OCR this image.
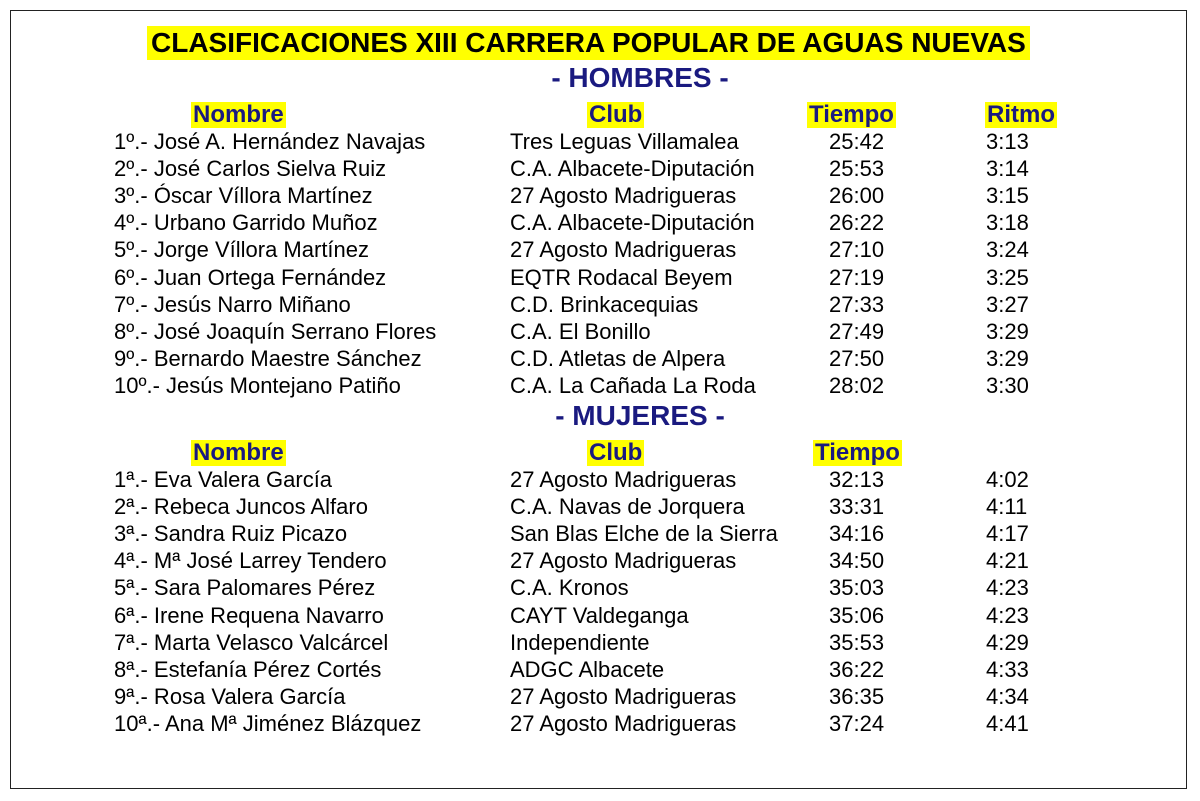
CLASIFICACIONES XIII CARRERA POPULAR DE AGUAS NUEVAS
- HOMBRES -
Nombre	Club	Tiempo	Ritmo
1º.- José A. Hernández Navajas	Tres Leguas Villamalea	25:42	3:13
2º.- José Carlos Sielva Ruiz	C.A. Albacete-Diputación	25:53	3:14
3º.- Óscar Víllora Martínez	27 Agosto Madrigueras	26:00	3:15
4º.- Urbano Garrido Muñoz	C.A. Albacete-Diputación	26:22	3:18
5º.- Jorge Víllora Martínez	27 Agosto Madrigueras	27:10	3:24
6º.- Juan Ortega Fernández	EQTR Rodacal Beyem	27:19	3:25
7º.- Jesús Narro Miñano	C.D. Brinkacequias	27:33	3:27
8º.- José Joaquín Serrano Flores	C.A. El Bonillo	27:49	3:29
9º.- Bernardo Maestre Sánchez	C.D. Atletas de Alpera	27:50	3:29
10º.- Jesús Montejano Patiño	C.A. La Cañada La Roda	28:02	3:30
- MUJERES -
Nombre	Club	Tiempo
1ª.- Eva Valera García	27 Agosto Madrigueras	32:13	4:02
2ª.- Rebeca Juncos Alfaro	C.A. Navas de Jorquera	33:31	4:11
3ª.- Sandra Ruiz Picazo	San Blas Elche de la Sierra 34:16	4:17
4ª.- Mª José Larrey Tendero	27 Agosto Madrigueras	34:50	4:21
5ª.- Sara Palomares Pérez	C.A. Kronos	35:03	4:23
6ª.- Irene Requena Navarro	CAYT Valdeganga	35:06	4:23
7ª.- Marta Velasco Valcárcel	Independiente	35:53	4:29
8ª.- Estefanía Pérez Cortés	ADGC Albacete	36:22	4:33
9ª.- Rosa Valera García	27 Agosto Madrigueras	36:35	4:34
10ª.- Ana Mª Jiménez Blázquez	27 Agosto Madrigueras	37:24	4:41
